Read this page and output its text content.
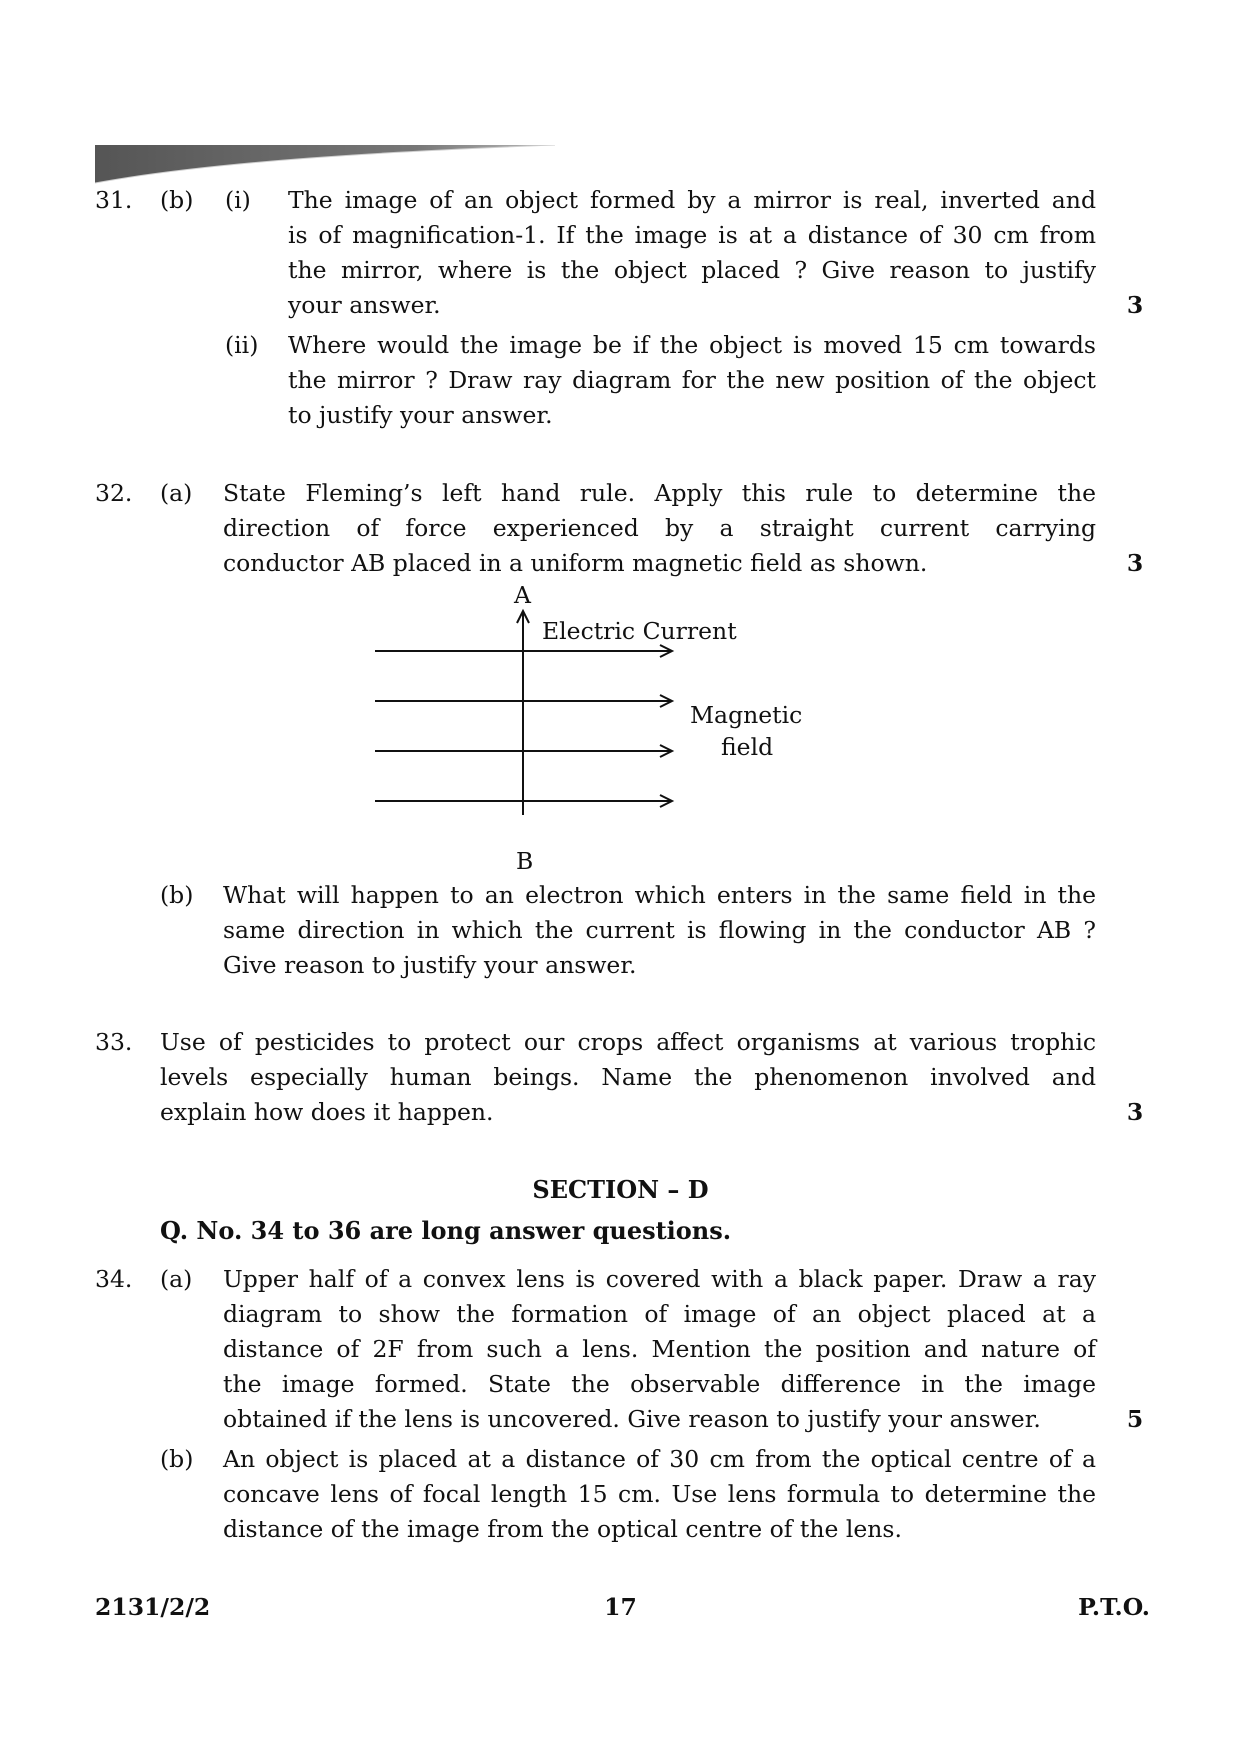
31. (b) (i) The image of an object formed by a mirror is real, inverted and
is of magnification-1. If the image is at a distance of 30 cm from
the mirror, where is the object placed ? Give reason to justify
your answer.	3
(ii) Where would the image be if the object is moved 15 cm towards
the mirror ? Draw ray diagram for the new position of the object
to justify your answer.
32. (a) State Fleming’s left hand rule. Apply this rule to determine the
direction of force experienced by a straight current carrying
conductor AB placed in a uniform magnetic field as shown.	3
A
Electric Current
Magnetic
field
B
(b) What will happen to an electron which enters in the same field in the
same direction in which the current is flowing in the conductor AB ?
Give reason to justify your answer.
33. Use of pesticides to protect our crops affect organisms at various trophic
levels especially human beings. Name the phenomenon involved and
explain how does it happen.	3
SECTION – D
Q. No. 34 to 36 are long answer questions.
34. (a) Upper half of a convex lens is covered with a black paper. Draw a ray
diagram to show the formation of image of an object placed at a
distance of 2F from such a lens. Mention the position and nature of
the image formed. State the observable difference in the image
obtained if the lens is uncovered. Give reason to justify your answer.	5
(b) An object is placed at a distance of 30 cm from the optical centre of a
concave lens of focal length 15 cm. Use lens formula to determine the
distance of the image from the optical centre of the lens.
2131/2/2	17	P.T.O.
